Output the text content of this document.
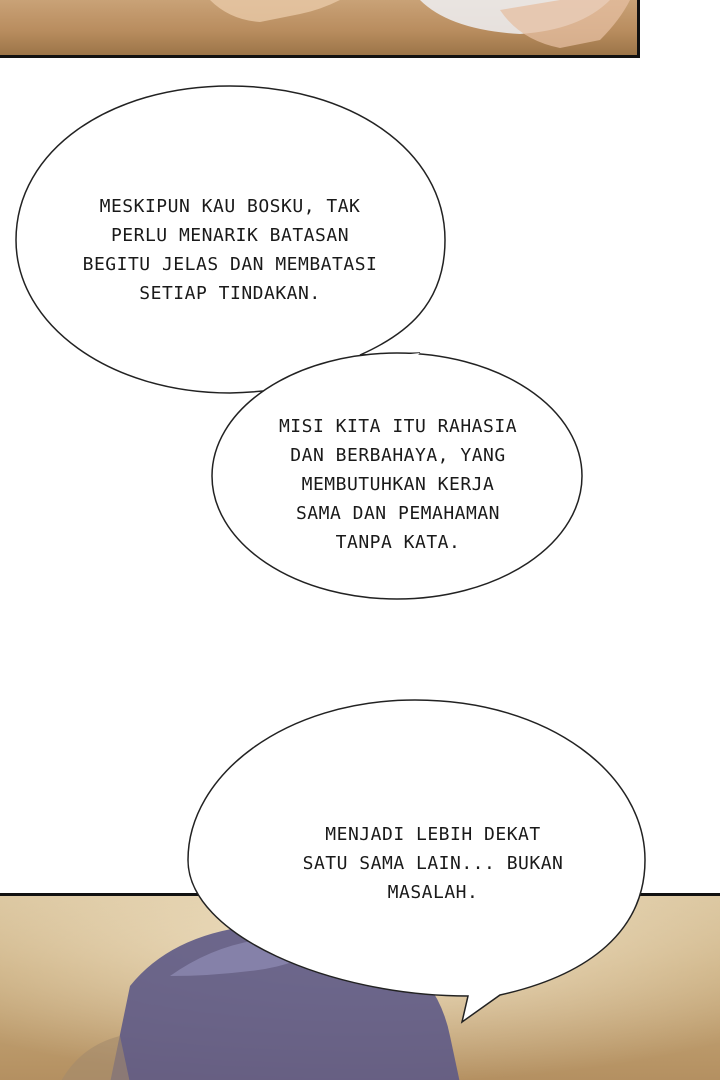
MESKIPUN KAU BOSKU, TAK
PERLU MENARIK BATASAN
BEGITU JELAS DAN MEMBATASI
SETIAP TINDAKAN.
MISI KITA ITU RAHASIA
DAN BERBAHAYA, YANG
MEMBUTUHKAN KERJA
SAMA DAN PEMAHAMAN
TANPA KATA.
MENJADI LEBIH DEKAT
SATU SAMA LAIN... BUKAN
MASALAH.
